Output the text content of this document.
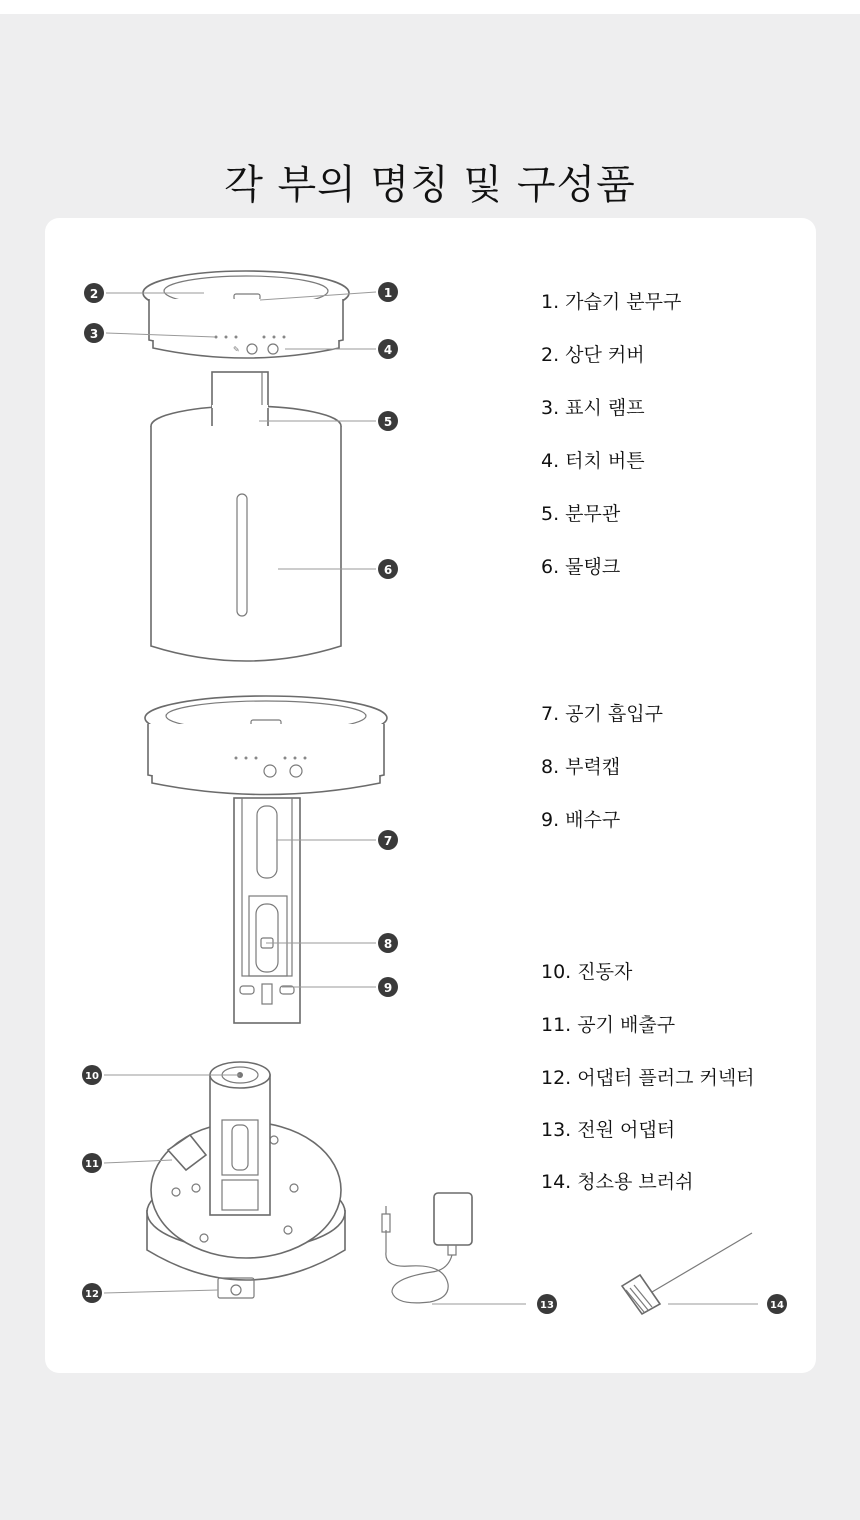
각 부의 명칭 및 구성품
✎
1
2
3
4
5
6
7
8
9
10
11
12
13	14
1. 가습기 분무구
2. 상단 커버
3. 표시 램프
4. 터치 버튼
5. 분무관
6. 물탱크
7. 공기 흡입구
8. 부력캡
9. 배수구
10. 진동자
11. 공기 배출구
12. 어댑터 플러그 커넥터
13. 전원 어댑터
14. 청소용 브러쉬
